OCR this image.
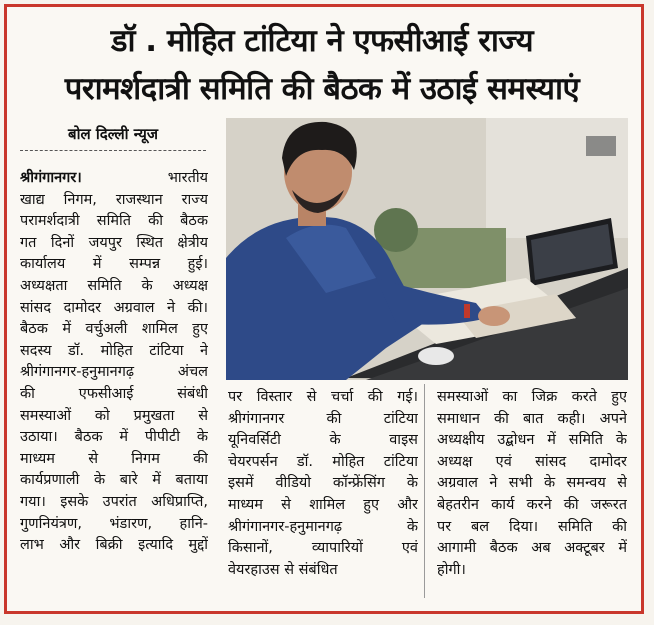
डॉ . मोहित टांटिया ने एफसीआई राज्य
परामर्शदात्री समिति की बैठक में उठाई समस्याएं
बोल दिल्ली न्यूज
श्रीगंगानगर।	भारतीय
खाद्य निगम, राजस्थान राज्य
परामर्शदात्री समिति की बैठक
गत दिनों जयपुर स्थित क्षेत्रीय
कार्यालय में सम्पन्न हुई।
अध्यक्षता समिति के अध्यक्ष
सांसद दामोदर अग्रवाल ने की।
बैठक में वर्चुअली शामिल हुए
सदस्य डॉ. मोहित टांटिया ने
श्रीगंगानगर-हनुमानगढ़ अंचल
की एफसीआई संबंधी
समस्याओं को प्रमुखता से
उठाया। बैठक में पीपीटी के
माध्यम से निगम की
कार्यप्रणाली के बारे में बताया
गया। इसके उपरांत अधिप्राप्ति,
गुणनियंत्रण, भंडारण, हानि-
लाभ और बिक्री इत्यादि मुद्दों
पर विस्तार से चर्चा की गई।
श्रीगंगानगर की टांटिया
यूनिवर्सिटी के वाइस
चेयरपर्सन डॉ. मोहित टांटिया
इसमें वीडियो कॉन्फ्रेंसिंग के
माध्यम से शामिल हुए और
श्रीगंगानगर-हनुमानगढ़ के
किसानों, व्यापारियों एवं
वेयरहाउस से संबंधित
समस्याओं का जिक्र करते हुए
समाधान की बात कही। अपने
अध्यक्षीय उद्बोधन में समिति के
अध्यक्ष एवं सांसद दामोदर
अग्रवाल ने सभी के समन्वय से
बेहतरीन कार्य करने की जरूरत
पर बल दिया। समिति की
आगामी बैठक अब अक्टूबर में
होगी।
